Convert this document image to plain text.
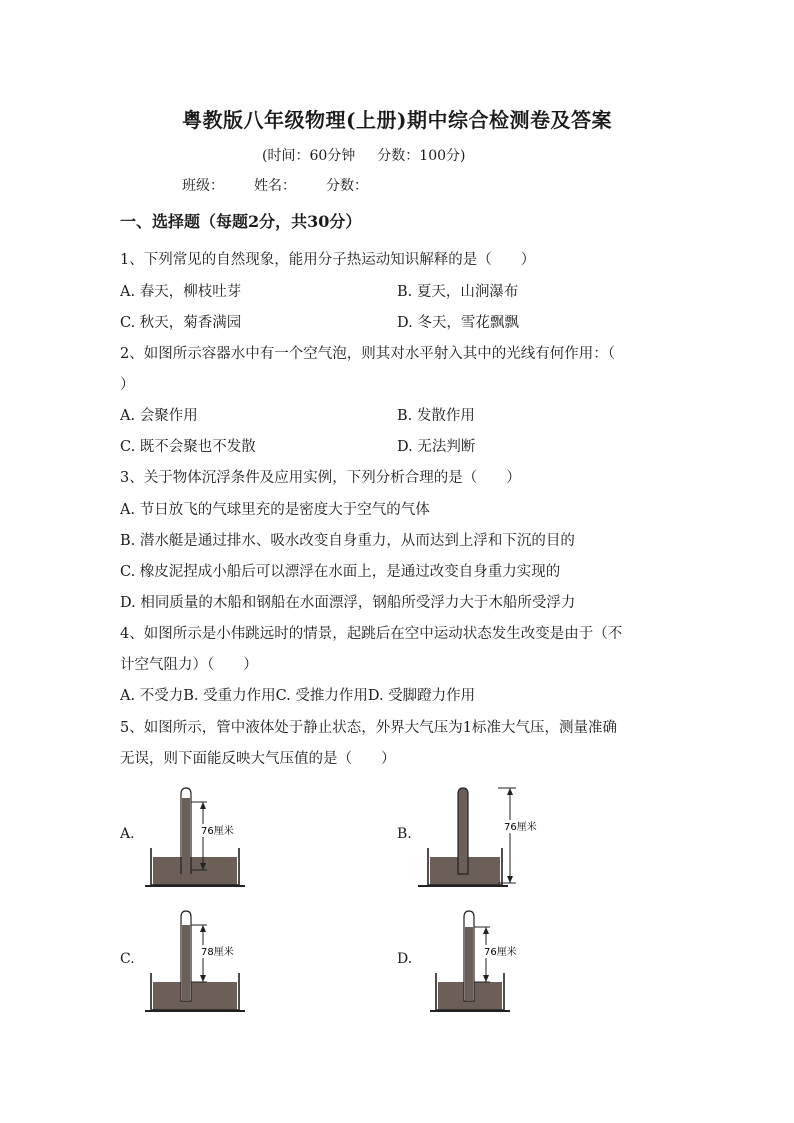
粤教版八年级物理(上册)期中综合检测卷及答案
(时间：60分钟 分数：100分)
班级： 姓名： 分数：
一、选择题（每题2分，共30分）
1、下列常见的自然现象，能用分子热运动知识解释的是（　　）
A. 春天，柳枝吐芽	B. 夏天，山涧瀑布
C. 秋天，菊香满园	D. 冬天，雪花飘飘
2、如图所示容器水中有一个空气泡，则其对水平射入其中的光线有何作用：（
）
A. 会聚作用	B. 发散作用
C. 既不会聚也不发散	D. 无法判断
3、关于物体沉浮条件及应用实例，下列分析合理的是（　　）
A. 节日放飞的气球里充的是密度大于空气的气体
B. 潜水艇是通过排水、吸水改变自身重力，从而达到上浮和下沉的目的
C. 橡皮泥捏成小船后可以漂浮在水面上，是通过改变自身重力实现的
D. 相同质量的木船和钢船在水面漂浮，钢船所受浮力大于木船所受浮力
4、如图所示是小伟跳远时的情景，起跳后在空中运动状态发生改变是由于（不
计空气阻力）（　　）
A. 不受力B. 受重力作用C. 受推力作用D. 受脚蹬力作用
5、如图所示，管中液体处于静止状态，外界大气压为1标准大气压，测量准确
无误，则下面能反映大气压值的是（　　）
A.	76厘米	B.	76厘米
C.	78厘米	D.	76厘米
